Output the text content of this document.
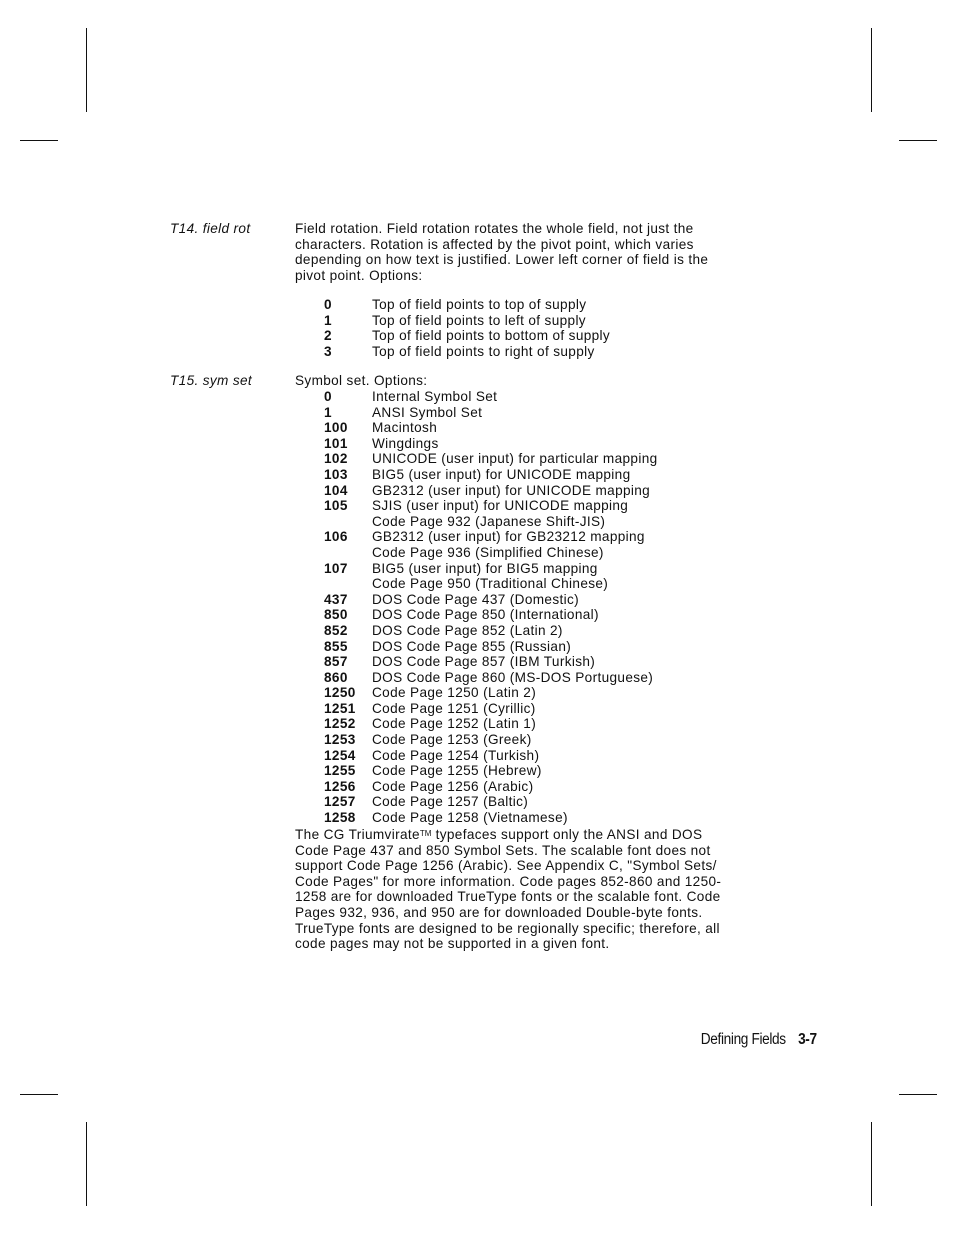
T14. field rot	Field rotation. Field rotation rotates the whole field, not just the characters. Rotation is affected by the pivot point, which varies depending on how text is justified. Lower left corner of field is the pivot point. Options:
0	Top of field points to top of supply
1	Top of field points to left of supply
2	Top of field points to bottom of supply
3	Top of field points to right of supply
T15. sym set	Symbol set. Options:
0	Internal Symbol Set
1	ANSI Symbol Set
100	Macintosh
101	Wingdings
102	UNICODE (user input) for particular mapping
103	BIG5 (user input) for UNICODE mapping
104	GB2312 (user input) for UNICODE mapping
105	SJIS (user input) for UNICODE mapping
Code Page 932 (Japanese Shift-JIS)
106	GB2312 (user input) for GB23212 mapping
Code Page 936 (Simplified Chinese)
107	BIG5 (user input) for BIG5 mapping
Code Page 950 (Traditional Chinese)
437	DOS Code Page 437 (Domestic)
850	DOS Code Page 850 (International)
852	DOS Code Page 852 (Latin 2)
855	DOS Code Page 855 (Russian)
857	DOS Code Page 857 (IBM Turkish)
860	DOS Code Page 860 (MS-DOS Portuguese)
1250	Code Page 1250 (Latin 2)
1251	Code Page 1251 (Cyrillic)
1252	Code Page 1252 (Latin 1)
1253	Code Page 1253 (Greek)
1254	Code Page 1254 (Turkish)
1255	Code Page 1255 (Hebrew)
1256	Code Page 1256 (Arabic)
1257	Code Page 1257 (Baltic)
1258	Code Page 1258 (Vietnamese)
The CG Triumvirate™ typefaces support only the ANSI and DOS Code Page 437 and 850 Symbol Sets. The scalable font does not support Code Page 1256 (Arabic). See Appendix C, "Symbol Sets/ Code Pages" for more information. Code pages 852-860 and 1250-1258 are for downloaded TrueType fonts or the scalable font. Code Pages 932, 936, and 950 are for downloaded Double-byte fonts. TrueType fonts are designed to be regionally specific; therefore, all code pages may not be supported in a given font.
Defining Fields 3-7
